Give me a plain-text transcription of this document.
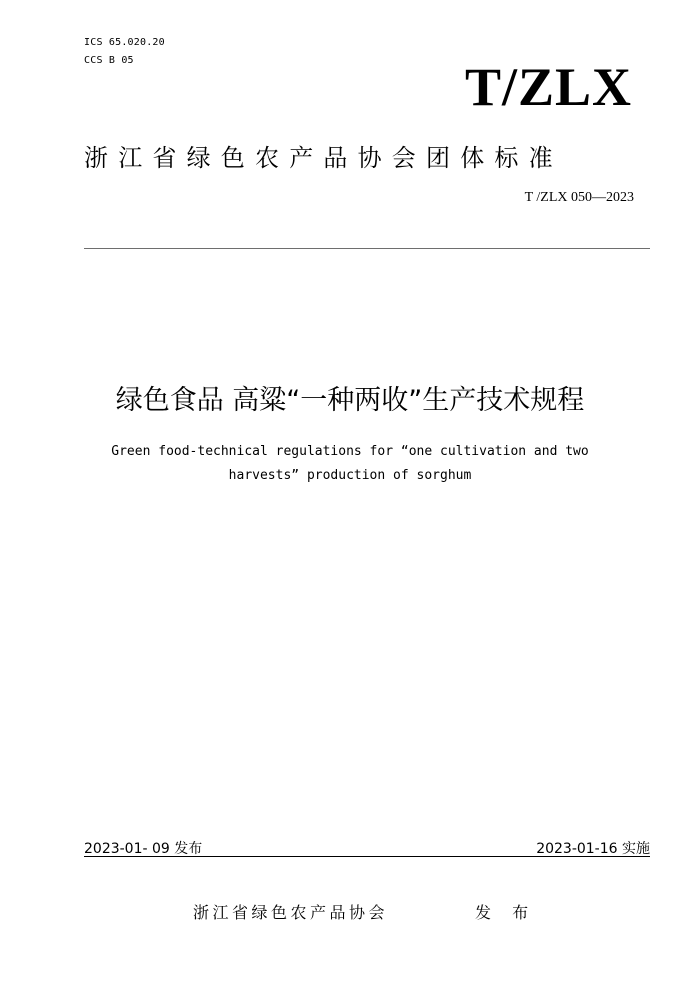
ICS 65.020.20
CCS B 05	T/ZLX
浙江省绿色农产品协会团体标准
T /ZLX 050—2023
绿色食品 高粱“一种两收”生产技术规程
Green food-technical regulations for “one cultivation and two
harvests” production of sorghum
2023-01- 09 发布	2023-01-16 实施
浙江省绿色农产品协会	发 布
